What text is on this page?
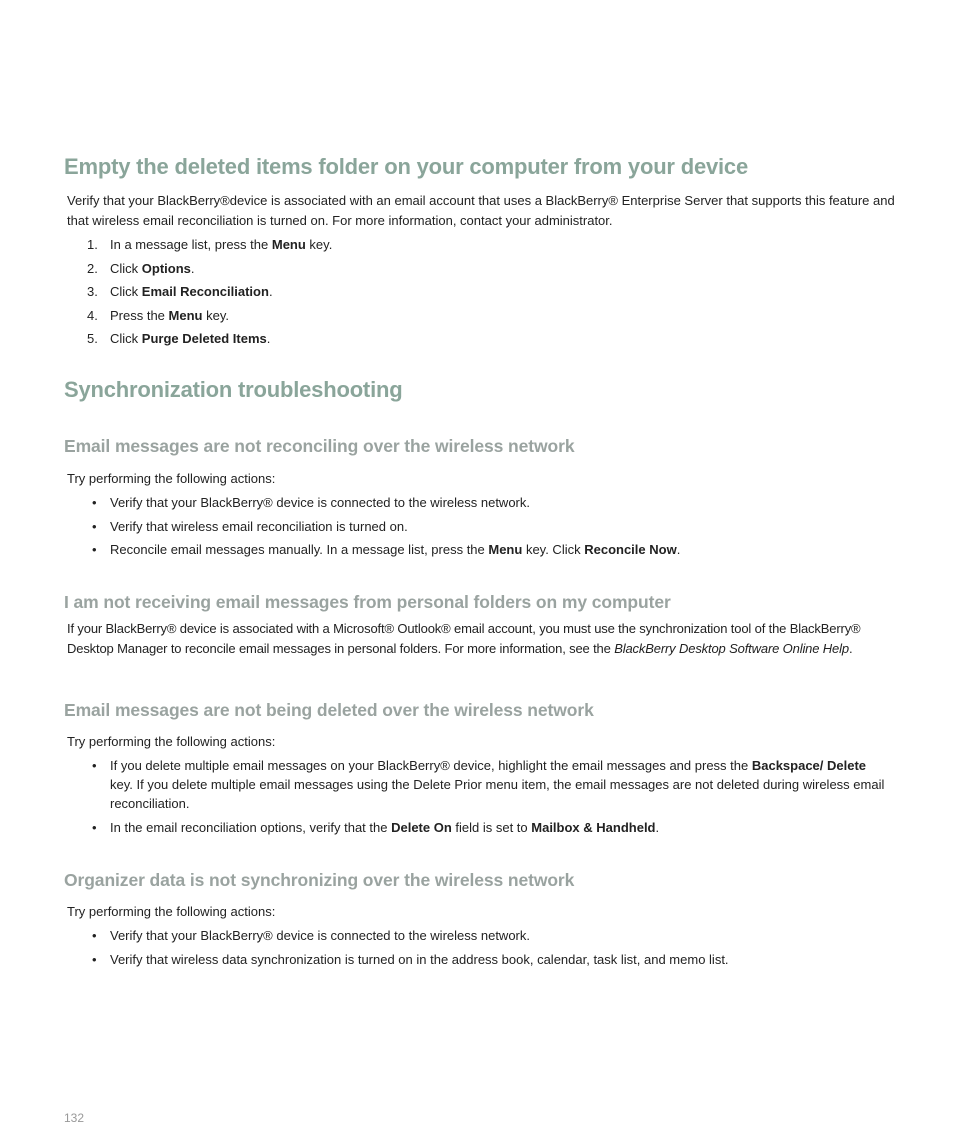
Empty the deleted items folder on your computer from your device

Verify that your BlackBerry®device is associated with an email account that uses a BlackBerry® Enterprise Server that supports this feature and that wireless email reconciliation is turned on. For more information, contact your administrator.

1. In a message list, press the Menu key.
2. Click Options.
3. Click Email Reconciliation.
4. Press the Menu key.
5. Click Purge Deleted Items.
Synchronization troubleshooting
Email messages are not reconciling over the wireless network

Try performing the following actions:

• Verify that your BlackBerry® device is connected to the wireless network.
• Verify that wireless email reconciliation is turned on.
• Reconcile email messages manually. In a message list, press the Menu key. Click Reconcile Now.
I am not receiving email messages from personal folders on my computer

If your BlackBerry® device is associated with a Microsoft® Outlook® email account, you must use the synchronization tool of the BlackBerry® Desktop Manager to reconcile email messages in personal folders. For more information, see the BlackBerry Desktop Software Online Help.

Email messages are not being deleted over the wireless network

Try performing the following actions:

• If you delete multiple email messages on your BlackBerry® device, highlight the email messages and press the Backspace/ Delete key. If you delete multiple email messages using the Delete Prior menu item, the email messages are not deleted during wireless email reconciliation.
• In the email reconciliation options, verify that the Delete On field is set to Mailbox & Handheld.
Organizer data is not synchronizing over the wireless network

Try performing the following actions:

• Verify that your BlackBerry® device is connected to the wireless network.
• Verify that wireless data synchronization is turned on in the address book, calendar, task list, and memo list.
132
